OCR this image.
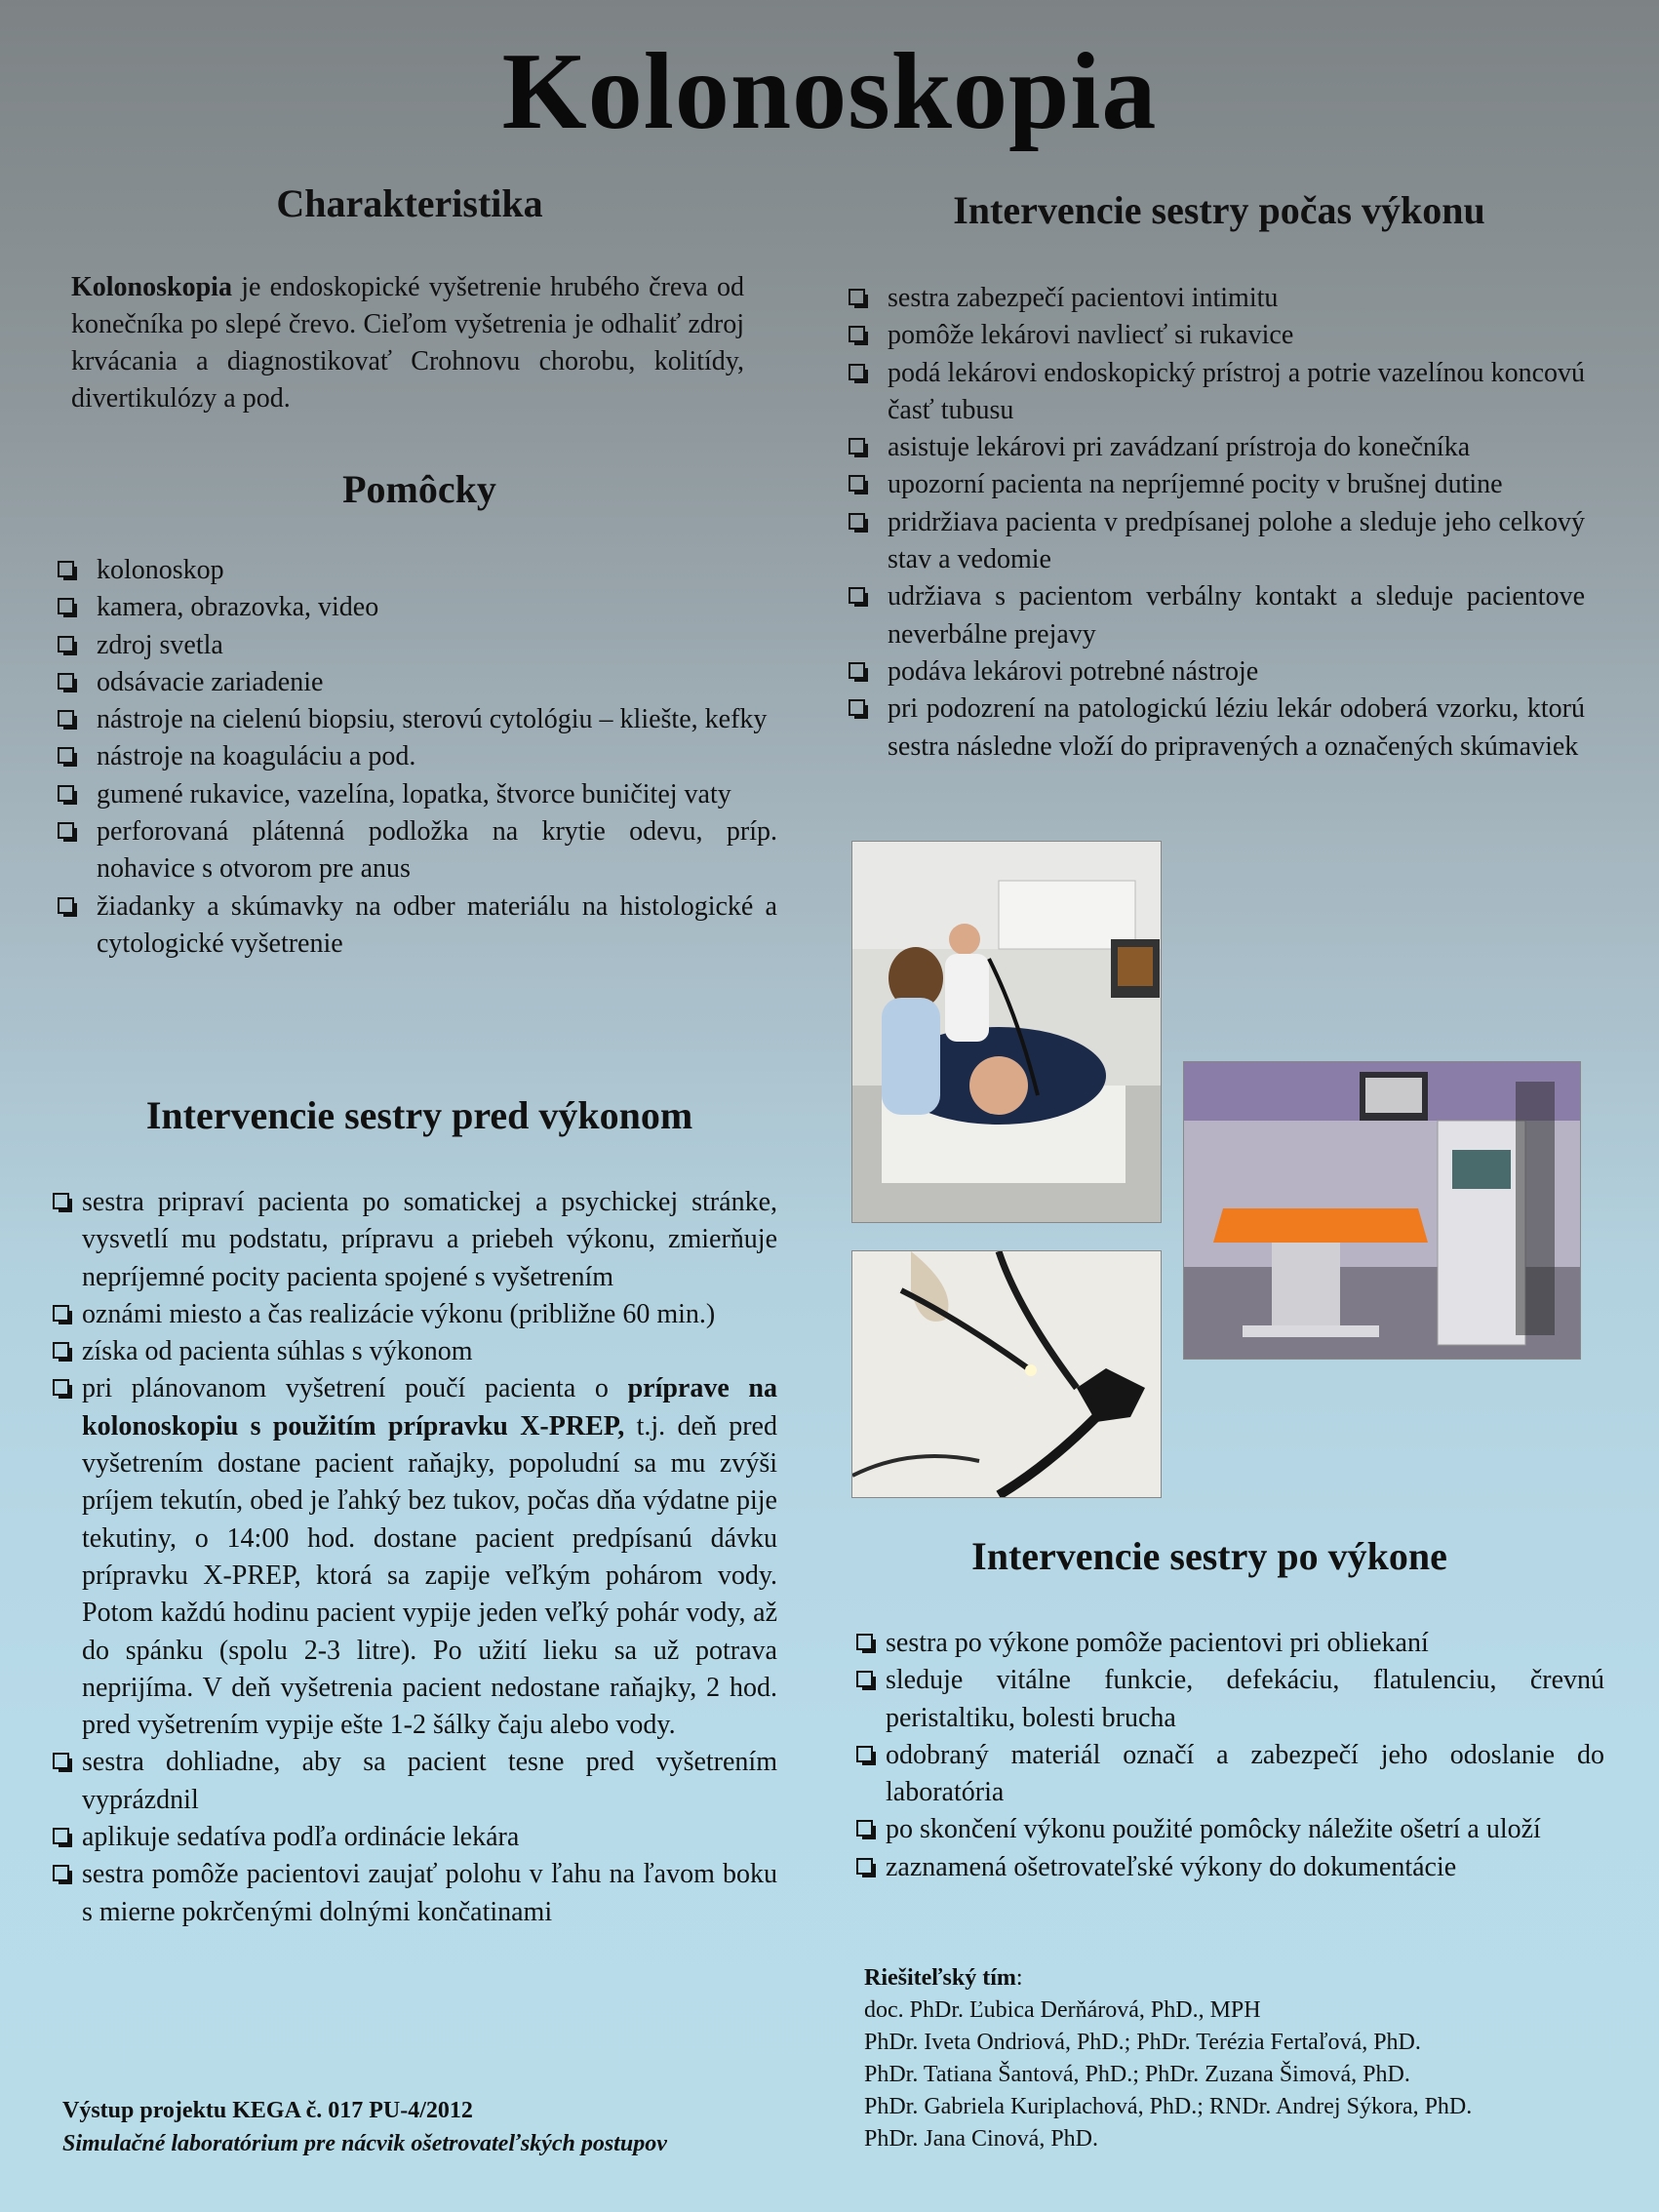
Kolonoskopia
Charakteristika
Kolonoskopia je endoskopické vyšetrenie hrubého čreva od konečníka po slepé črevo. Cieľom vyšetrenia je odhaliť zdroj krvácania a diagnostikovať Crohnovu chorobu, kolitídy, divertikulózy a pod.
Pomôcky
kolonoskop
kamera, obrazovka, video
zdroj svetla
odsávacie zariadenie
nástroje na cielenú biopsiu, sterovú cytológiu – kliešte, kefky
nástroje na koaguláciu a pod.
gumené rukavice, vazelína, lopatka, štvorce buničitej vaty
perforovaná plátenná podložka na krytie odevu, príp. nohavice s otvorom pre anus
žiadanky a skúmavky na odber materiálu na histologické a cytologické vyšetrenie
Intervencie sestry pred výkonom
sestra pripraví pacienta po somatickej a psychickej stránke, vysvetlí mu podstatu, prípravu a priebeh výkonu, zmierňuje nepríjemné pocity pacienta spojené s vyšetrením
oznámi miesto a čas realizácie výkonu (približne 60 min.)
získa od pacienta súhlas s výkonom
pri plánovanom vyšetrení poučí pacienta o príprave na kolonoskopiu s použitím prípravku X-PREP, t.j. deň pred vyšetrením dostane pacient raňajky, popoludní sa mu zvýši príjem tekutín, obed je ľahký bez tukov, počas dňa výdatne pije tekutiny, o 14:00 hod. dostane pacient predpísanú dávku prípravku X-PREP, ktorá sa zapije veľkým pohárom vody. Potom každú hodinu pacient vypije jeden veľký pohár vody, až do spánku (spolu 2-3 litre). Po užití lieku sa už potrava neprijíma. V deň vyšetrenia pacient nedostane raňajky, 2 hod. pred vyšetrením vypije ešte 1-2 šálky čaju alebo vody.
sestra dohliadne, aby sa pacient tesne pred vyšetrením vyprázdnil
aplikuje sedatíva podľa ordinácie lekára
sestra pomôže pacientovi zaujať polohu v ľahu na ľavom boku s mierne pokrčenými dolnými končatinami
Výstup projektu KEGA č. 017 PU-4/2012
Simulačné laboratórium pre nácvik ošetrovateľských postupov
Intervencie sestry počas výkonu
sestra zabezpečí pacientovi intimitu
pomôže lekárovi navliecť si rukavice
podá lekárovi endoskopický prístroj a potrie vazelínou koncovú časť tubusu
asistuje lekárovi pri zavádzaní prístroja do konečníka
upozorní pacienta na nepríjemné pocity v brušnej dutine
pridržiava pacienta v predpísanej polohe a sleduje jeho celkový stav a vedomie
udržiava s pacientom verbálny kontakt a sleduje pacientove neverbálne prejavy
podáva lekárovi potrebné nástroje
pri podozrení na patologickú léziu lekár odoberá vzorku, ktorú sestra následne vloží do pripravených a označených skúmaviek
Intervencie sestry po výkone
sestra po výkone pomôže pacientovi pri obliekaní
sleduje vitálne funkcie, defekáciu, flatulenciu, črevnú peristaltiku, bolesti brucha
odobraný materiál označí a zabezpečí jeho odoslanie do laboratória
po skončení výkonu použité pomôcky náležite ošetrí a uloží
zaznamená ošetrovateľské výkony do dokumentácie
Riešiteľský tím:
doc. PhDr. Ľubica Derňárová, PhD., MPH
PhDr. Iveta Ondriová, PhD.; PhDr. Terézia Fertaľová, PhD.
PhDr. Tatiana Šantová, PhD.; PhDr. Zuzana Šimová, PhD.
PhDr. Gabriela Kuriplachová, PhD.; RNDr. Andrej Sýkora, PhD.
PhDr. Jana Cinová, PhD.
